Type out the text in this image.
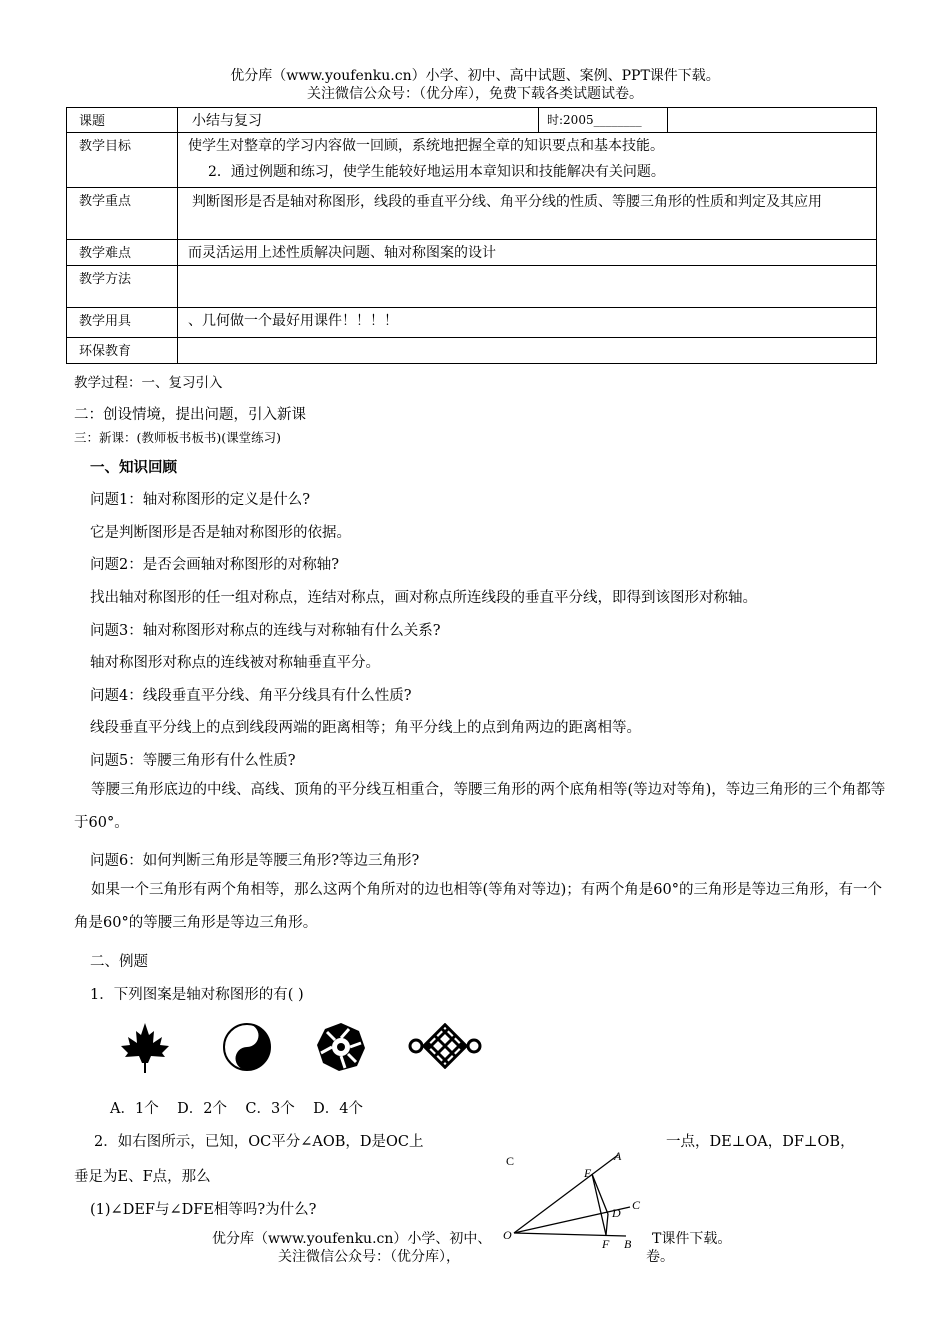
优分库（www.youfenku.cn）小学、初中、高中试题、案例、PPT课件下载。
关注微信公众号：（优分库），免费下载各类试题试卷。
课题	小结与复习 时:2005________

教学目标	使学生对整章的学习内容做一回顾，系统地把握全章的知识要点和基本技能。
2．通过例题和练习，使学生能较好地运用本章知识和技能解决有关问题。

教学重点	判断图形是否是轴对称图形，线段的垂直平分线、角平分线的性质、等腰三角形的性质和判定及其应用
教学难点	而灵活运用上述性质解决问题、轴对称图案的设计
教学方法	
教学用具	、几何做一个最好用课件！！！！
环保教育	
教学过程：一、复习引入
二：创设情境，提出问题，引入新课
三：新课：(教师板书板书)(课堂练习)
一、知识回顾
问题1：轴对称图形的定义是什么?
它是判断图形是否是轴对称图形的依据。
问题2：是否会画轴对称图形的对称轴?
找出轴对称图形的任一组对称点，连结对称点，画对称点所连线段的垂直平分线，即得到该图形对称轴。
问题3：轴对称图形对称点的连线与对称轴有什么关系?
轴对称图形对称点的连线被对称轴垂直平分。
问题4：线段垂直平分线、角平分线具有什么性质?
线段垂直平分线上的点到线段两端的距离相等；角平分线上的点到角两边的距离相等。
问题5：等腰三角形有什么性质?
等腰三角形底边的中线、高线、顶角的平分线互相重合，等腰三角形的两个底角相等(等边对等角)，等边三角形的三个角都等于60°。
问题6：如何判断三角形是等腰三角形?等边三角形?
如果一个三角形有两个角相等，那么这两个角所对的边也相等(等角对等边)；有两个角是60°的三角形是等边三角形，有一个角是60°的等腰三角形是等边三角形。
二、例题
1．下列图案是轴对称图形的有( )
A．1个    D．2个    C．3个    D．4个
2．如右图所示，已知，OC平分∠AOB，D是OC上	一点，DE⊥OA，DF⊥OB，
垂足为E、F点，那么
(1)∠DEF与∠DFE相等吗?为什么?
A
E
C
D
O
F B
C
优分库（www.youfenku.cn）小学、初中、	T课件下载。
关注微信公众号：（优分库），	卷。
